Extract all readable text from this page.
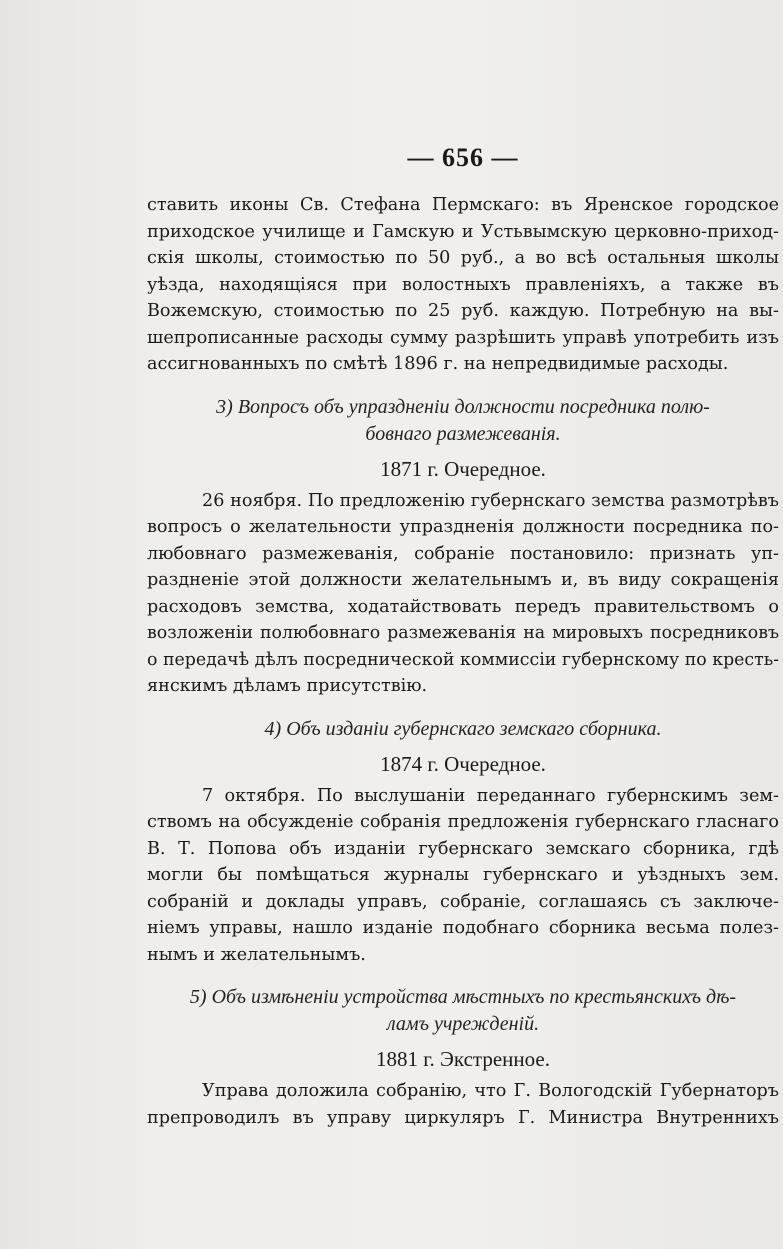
— 656 —
ставить иконы Св. Стефана Пермскаго: въ Яренское городское
приходское училище и Гамскую и Устьвымскую церковно-приход-
скія школы, стоимостью по 50 руб., а во всѣ остальныя школы
уѣзда, находящіяся при волостныхъ правленіяхъ, а также въ
Вожемскую, стоимостью по 25 руб. каждую. Потребную на вы-
шепрописанные расходы сумму разрѣшить управѣ употребить изъ
ассигнованныхъ по смѣтѣ 1896 г. на непредвидимые расходы.
3) Вопросъ объ упраздненіи должности посредника полю-
бовнаго размежеванія.
1871 г. Очередное.
26 ноября. По предложенію губернскаго земства размотрѣвъ
вопросъ о желательности упраздненія должности посредника по-
любовнаго размежеванія, собраніе постановило: признать уп-
раздненіе этой должности желательнымъ и, въ виду сокращенія
расходовъ земства, ходатайствовать передъ правительствомъ о
возложеніи полюбовнаго размежеванія на мировыхъ посредниковъ
о передачѣ дѣлъ посреднической коммиссіи губернскому по кресть-
янскимъ дѣламъ присутствію.
4) Объ изданіи губернскаго земскаго сборника.
1874 г. Очередное.
7 октября. По выслушаніи переданнаго губернскимъ зем-
ствомъ на обсужденіе собранія предложенія губернскаго гласнаго
В. Т. Попова объ изданіи губернскаго земскаго сборника, гдѣ
могли бы помѣщаться журналы губернскаго и уѣздныхъ зем.
собраній и доклады управъ, собраніе, соглашаясь съ заключе-
ніемъ управы, нашло изданіе подобнаго сборника весьма полез-
нымъ и желательнымъ.
5) Объ измѣненіи устройства мѣстныхъ по крестьянскихъ дѣ-
ламъ учрежденій.
1881 г. Экстренное.
Управа доложила собранію, что Г. Вологодскій Губернаторъ
препроводилъ въ управу циркуляръ Г. Министра Внутреннихъ
